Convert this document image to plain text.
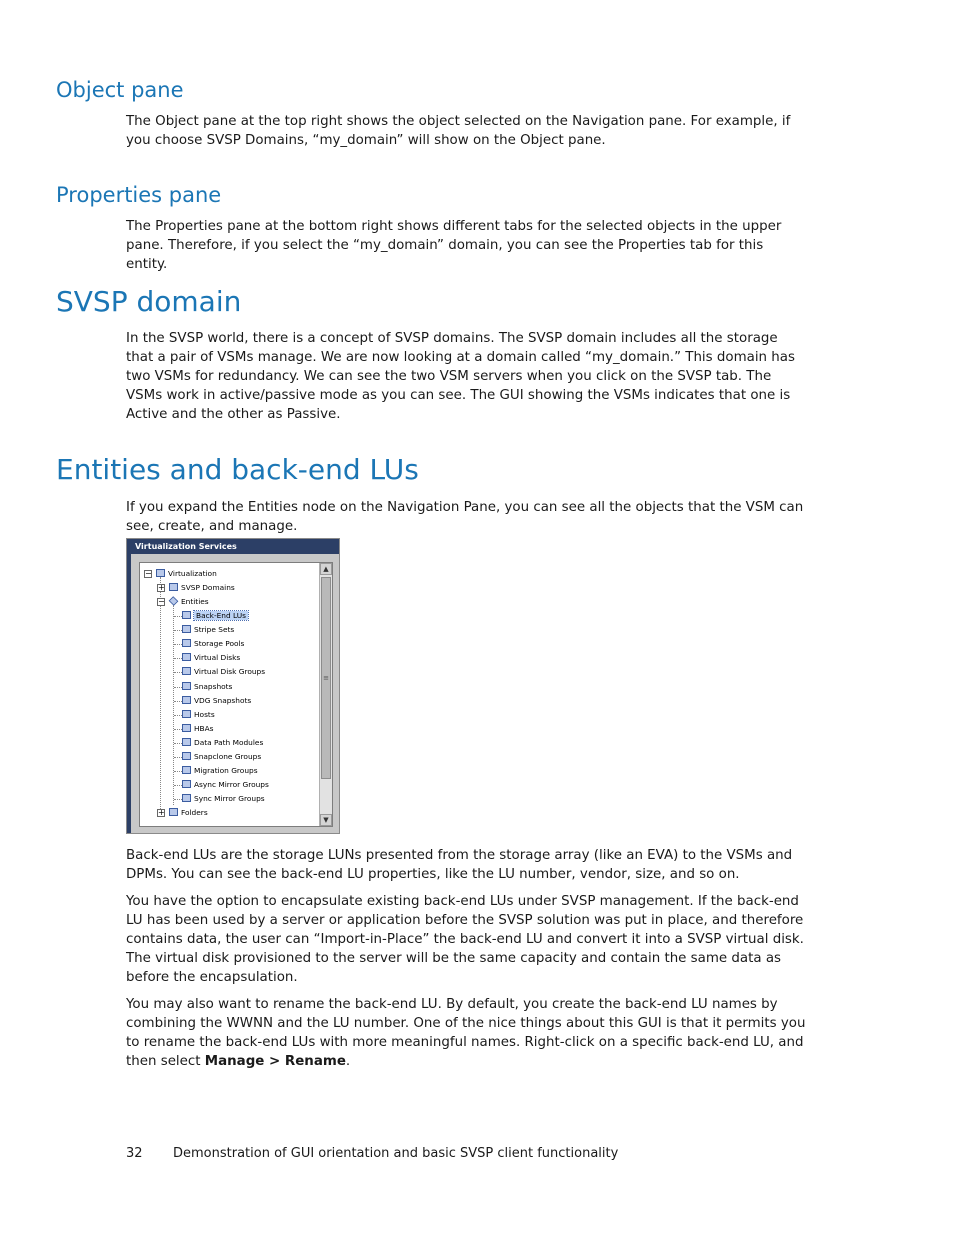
Object pane

The Object pane at the top right shows the object selected on the Navigation pane. For example, if you choose SVSP Domains, “my_domain” will show on the Object pane.

Properties pane

The Properties pane at the bottom right shows different tabs for the selected objects in the upper pane. Therefore, if you select the “my_domain” domain, you can see the Properties tab for this entity.

SVSP domain

In the SVSP world, there is a concept of SVSP domains. The SVSP domain includes all the storage that a pair of VSMs manage. We are now looking at a domain called “my_domain.” This domain has two VSMs for redundancy. We can see the two VSM servers when you click on the SVSP tab. The VSMs work in active/passive mode as you can see. The GUI showing the VSMs indicates that one is Active and the other as Passive.

Entities and back-end LUs

If you expand the Entities node on the Navigation Pane, you can see all the objects that the VSM can see, create, and manage.

Virtualization Services
−	Virtualization
+	SVSP Domains
−	Entities
Back-End LUs
Stripe Sets
Storage Pools
Virtual Disks
Virtual Disk Groups
Snapshots
VDG Snapshots
Hosts
HBAs
Data Path Modules
Snapclone Groups
Migration Groups
Async Mirror Groups
Sync Mirror Groups
+	Folders
▲
≡
▼

Back-end LUs are the storage LUNs presented from the storage array (like an EVA) to the VSMs and DPMs. You can see the back-end LU properties, like the LU number, vendor, size, and so on.

You have the option to encapsulate existing back-end LUs under SVSP management. If the back-end LU has been used by a server or application before the SVSP solution was put in place, and therefore contains data, the user can “Import-in-Place” the back-end LU and convert it into a SVSP virtual disk. The virtual disk provisioned to the server will be the same capacity and contain the same data as before the encapsulation.

You may also want to rename the back-end LU. By default, you create the back-end LU names by combining the WWNN and the LU number. One of the nice things about this GUI is that it permits you to rename the back-end LUs with more meaningful names. Right-click on a specific back-end LU, and then select Manage > Rename.

32 Demonstration of GUI orientation and basic SVSP client functionality
